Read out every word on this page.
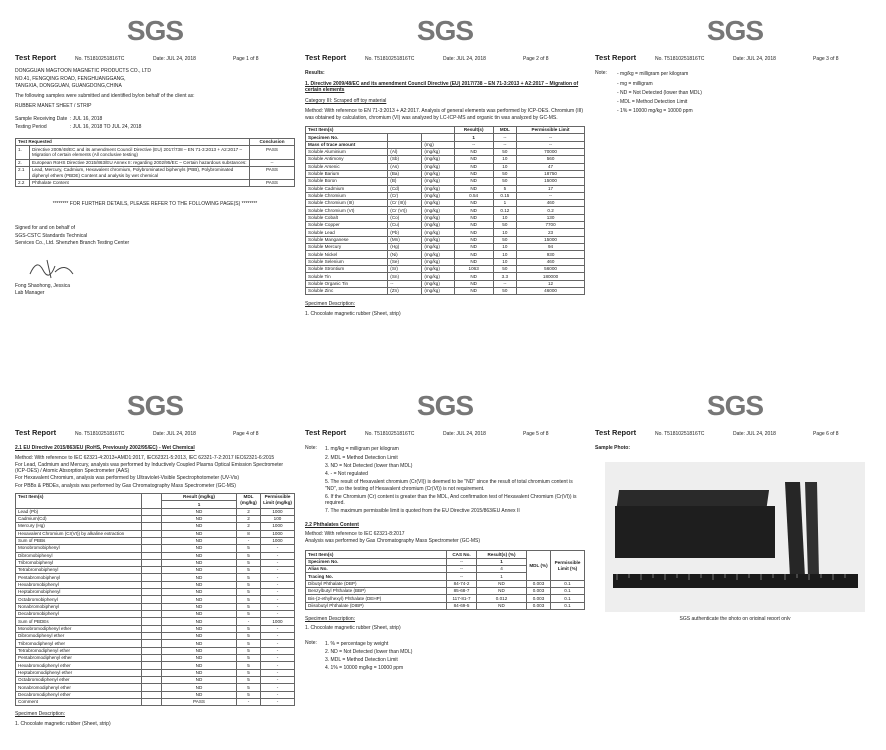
SGS
Test Report	No. T51810251816TC	Date: JUL 24, 2018	Page 1 of 8
DONGGUAN MAGTOON MAGNETIC PRODUCTS CO., LTD
NO.41, FENGQING ROAD, FENGHUANGGANG,
TANGXIA, DONGGUAN, GUANGDONG,CHINA
The following samples were submitted and identified by/on behalf of the client as:
RUBBER MANET SHEET / STRIP
Sample Receiving Date : JUL 16, 2018
Testing Period	: JUL 16, 2018 TO JUL 24, 2018
Test Requested		Conclusion
1.	Directive 2009/48/EC and its amendment Council Directive (EU) 2017/738 – EN 71-3:2013 + A2:2017 – Migration of certain elements (All conclusive testing)	PASS
2.	European RoHS Directive 2015/863/EU Annex II: regarding 2002/95/EC – Certain hazardous substances:	--
2.1	Lead, Mercury, Cadmium, Hexavalent chromium, Polybrominated biphenyls (PBB), Polybrominated diphenyl ethers (PBDE) Content and analysis by wet chemical	PASS
2.2	Phthalate Content	PASS
******** FOR FURTHER DETAILS, PLEASE REFER TO THE FOLLOWING PAGE(S) ********
Signed for and on behalf of
SGS-CSTC Standards Technical
Services Co., Ltd. Shenzhen Branch Testing Center
Fong Shaohong, Jessica
Lab Manager
SGS
Test Report	No. T51810251816TC	Date: JUL 24, 2018	Page 2 of 8
Results:
1. Directive 2009/48/EC and its amendment Council Directive (EU) 2017/738 – EN 71-3:2013 + A2:2017 – Migration of certain elements
Category III: Scraped off toy material
Method: With reference to EN 71-3:2013 + A2:2017. Analysis of general elements was performed by ICP-OES. Chromium (III) was obtained by calculation, chromium (VI) was analyzed by LC-ICP-MS and organic tin was analyzed by GC-MS.
Test Item(s)			Result(s)	MDL	Permissible Limit
Specimen No.			1	--	--
Mass of trace amount		(mg)	--	--	--
Soluble Aluminium	(Al)	(mg/kg)	ND	50	70000
Soluble Antimony	(Sb)	(mg/kg)	ND	10	560
Soluble Arsenic	(As)	(mg/kg)	ND	10	47
Soluble Barium	(Ba)	(mg/kg)	ND	50	18750
Soluble Boron	(B)	(mg/kg)	ND	50	15000
Soluble Cadmium	(Cd)	(mg/kg)	ND	5	17
Soluble Chromium	(Cr)	(mg/kg)	0.54	0.15	--
Soluble Chromium (III)	(Cr (III))	(mg/kg)	ND	1	460
Soluble Chromium (VI)	(Cr (VI))	(mg/kg)	ND	0.12	0.2
Soluble Cobalt	(Co)	(mg/kg)	ND	10	130
Soluble Copper	(Cu)	(mg/kg)	ND	50	7700
Soluble Lead	(Pb)	(mg/kg)	ND	10	23
Soluble Manganese	(Mn)	(mg/kg)	ND	50	15000
Soluble Mercury	(Hg)	(mg/kg)	ND	10	94
Soluble Nickel	(Ni)	(mg/kg)	ND	10	930
Soluble Selenium	(Se)	(mg/kg)	ND	10	460
Soluble Strontium	(Sr)	(mg/kg)	1063	50	56000
Soluble Tin	(Sn)	(mg/kg)	ND	3.3	180000
Soluble Organic Tin	--	(mg/kg)	ND	--	12
Soluble Zinc	(Zn)	(mg/kg)	ND	50	46000
Specimen Description:
1. Chocolate magnetic rubber (Sheet, strip)
SGS
Test Report	No. T51810251816TC	Date: JUL 24, 2018	Page 3 of 8
Note:	- mg/kg = milligram per kilogram
- mg = milligram
- ND = Not Detected (lower than MDL)
- MDL = Method Detection Limit
- 1% = 10000 mg/kg = 10000 ppm
SGS
Test Report	No. T51810251816TC	Date: JUL 24, 2018	Page 4 of 8
2.1 EU Directive 2015/863/EU (RoHS, Previously 2002/95/EC) - Wet Chemical
Method: With reference to IEC 62321-4:2013+AMD1:2017, IEC62321-5:2013, IEC 62321-7-2:2017 IEC62321-6:2015
For Lead, Cadmium and Mercury, analysis was performed by Inductively Coupled Plasma Optical Emission Spectrometer (ICP-OES) / Atomic Absorption Spectrometer (AAS)
For Hexavalent Chromium, analysis was performed by Ultraviolet-Visible Spectrophotometer (UV-Vis)
For PBBs & PBDEs, analysis was performed by Gas Chromatography Mass Spectrometer (GC-MS)
Test Item(s)		Result (mg/kg)	MDL (mg/kg)	Permissible Limit (mg/kg)
		1		
Lead (Pb)		ND	2	1000
Cadmium(Cd)		ND	2	100
Mercury (Hg)		ND	2	1000
Hexavalent Chromium (Cr(VI)) by alkaline extraction		ND	8	1000
Sum of PBBs		ND	-	1000
Monobromobiphenyl		ND	5	-
Dibromobiphenyl		ND	5	-
Tribromobiphenyl		ND	5	-
Tetrabromobiphenyl		ND	5	-
Pentabromobiphenyl		ND	5	-
Hexabromobiphenyl		ND	5	-
Heptabromobiphenyl		ND	5	-
Octabromobiphenyl		ND	5	-
Nonabromobiphenyl		ND	5	-
Decabromobiphenyl		ND	5	-
Sum of PBDEs		ND	-	1000
Monobromodiphenyl ether		ND	5	-
Dibromodiphenyl ether		ND	5	-
Tribromodiphenyl ether		ND	5	-
Tetrabromodiphenyl ether		ND	5	-
Pentabromodiphenyl ether		ND	5	-
Hexabromodiphenyl ether		ND	5	-
Heptabromodiphenyl ether		ND	5	-
Octabromodiphenyl ether		ND	5	-
Nonabromodiphenyl ether		ND	5	-
Decabromodiphenyl ether		ND	5	-
Comment		PASS	-	-
Specimen Description:
1. Chocolate magnetic rubber (Sheet, strip)
SGS
Test Report	No. T51810251816TC	Date: JUL 24, 2018	Page 5 of 8
Note:	1. mg/kg = milligram per kilogram
2. MDL = Method Detection Limit
3. ND = Not Detected (lower than MDL)
4. - = Not regulated
5. The result of Hexavalent chromium (Cr(VI)) is deemed to be "ND" since the result of total chromium content is "ND", so the testing of Hexavalent chromium (Cr(VI)) is not requirement.
6. If the Chromium (Cr) content is greater than the MDL, And confirmation test of Hexavalent Chromium (Cr(VI)) is required.
7. The maximum permissible limit is quoted from the EU Directive 2015/863/EU Annex II
2.2 Phthalates Content
Method: With reference to IEC 62321-8:2017
Analysis was performed by Gas Chromatography Mass Spectrometer (GC-MS)
Test Item(s)	CAS No.	Result(s) (%)	MDL (%)	Permissible Limit (%)
Specimen No.	--	1		
Alias No.	--	4		
Tracing No.	--	1		
Dibutyl Phthalate (DBP)	84-74-2	ND	0.003	0.1
Benzylbutyl Phthalate (BBP)	85-68-7	ND	0.003	0.1
Bis-(2-ethylhexyl) Phthalate (DEHP)	117-81-7	0.012	0.003	0.1
Diisobutyl Phthalate (DIBP)	84-69-5	ND	0.003	0.1
Specimen Description:
1. Chocolate magnetic rubber (Sheet, strip)
Note:	1. % = percentage by weight
2. ND = Not Detected (lower than MDL)
3. MDL = Method Detection Limit
4. 1% = 10000 mg/kg = 10000 ppm
SGS
Test Report	No. T51810251816TC	Date: JUL 24, 2018	Page 6 of 8
Sample Photo:
SGS authenticate the photo on original report only
